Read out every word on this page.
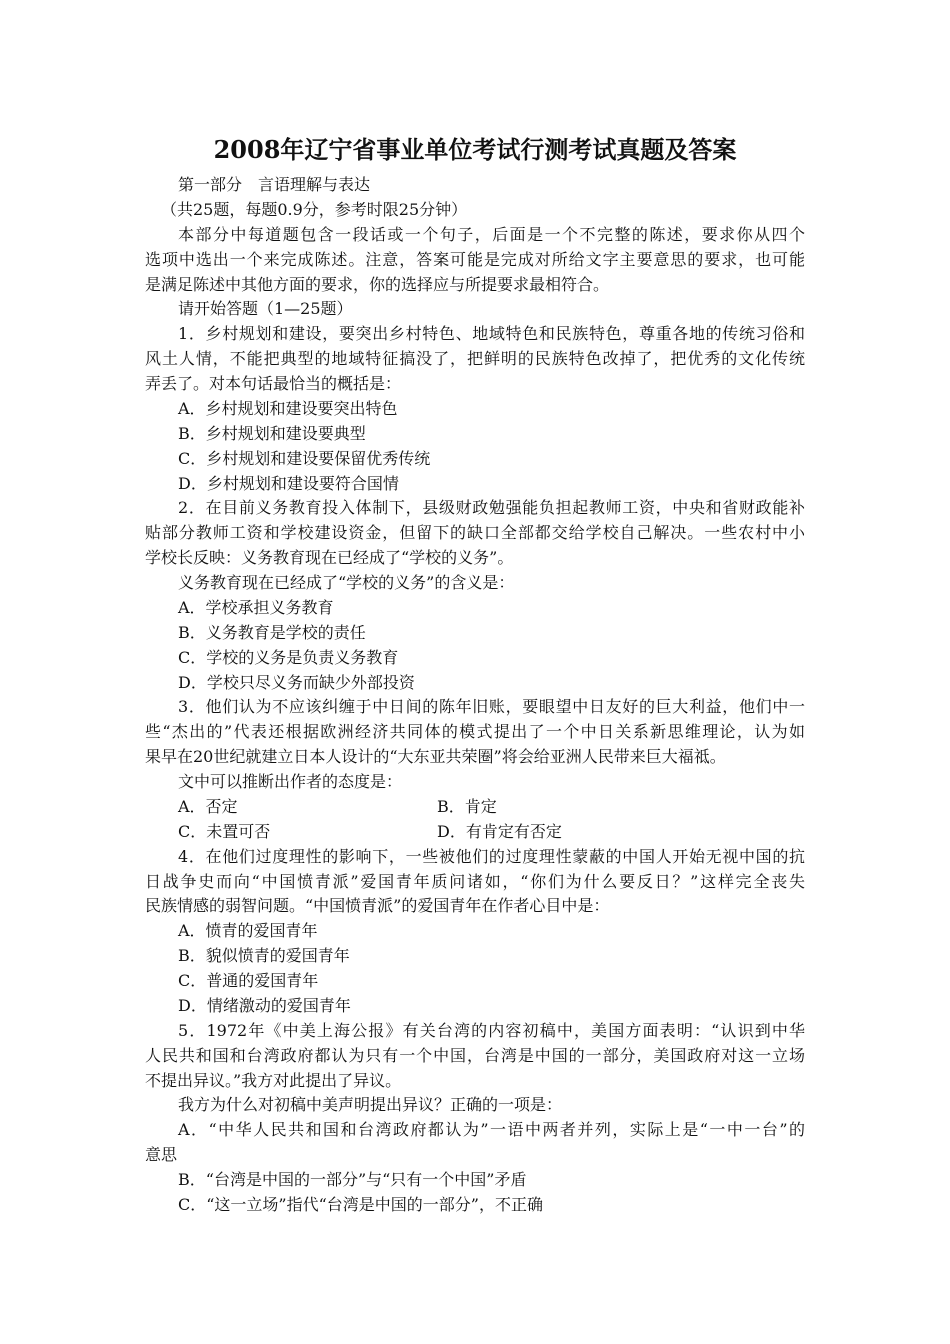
2008年辽宁省事业单位考试行测考试真题及答案
第一部分　言语理解与表达
（共25题，每题0.9分，参考时限25分钟）
本部分中每道题包含一段话或一个句子，后面是一个不完整的陈述，要求你从四个
选项中选出一个来完成陈述。注意，答案可能是完成对所给文字主要意思的要求，也可能
是满足陈述中其他方面的要求，你的选择应与所提要求最相符合。
请开始答题（1—25题）
1．乡村规划和建设，要突出乡村特色、地域特色和民族特色，尊重各地的传统习俗和
风土人情，不能把典型的地域特征搞没了，把鲜明的民族特色改掉了，把优秀的文化传统
弄丢了。对本句话最恰当的概括是：
A．乡村规划和建设要突出特色
B．乡村规划和建设要典型
C．乡村规划和建设要保留优秀传统
D．乡村规划和建设要符合国情
2．在目前义务教育投入体制下，县级财政勉强能负担起教师工资，中央和省财政能补
贴部分教师工资和学校建设资金，但留下的缺口全部都交给学校自己解决。一些农村中小
学校长反映：义务教育现在已经成了“学校的义务”。
义务教育现在已经成了“学校的义务”的含义是：
A．学校承担义务教育
B．义务教育是学校的责任
C．学校的义务是负责义务教育
D．学校只尽义务而缺少外部投资
3．他们认为不应该纠缠于中日间的陈年旧账，要眼望中日友好的巨大利益，他们中一
些“杰出的”代表还根据欧洲经济共同体的模式提出了一个中日关系新思维理论，认为如
果早在20世纪就建立日本人设计的“大东亚共荣圈”将会给亚洲人民带来巨大福祗。
文中可以推断出作者的态度是：
A．否定	B．肯定
C．未置可否	D．有肯定有否定
4．在他们过度理性的影响下，一些被他们的过度理性蒙蔽的中国人开始无视中国的抗
日战争史而向“中国愤青派”爱国青年质问诸如，“你们为什么要反日？”这样完全丧失
民族情感的弱智问题。“中国愤青派”的爱国青年在作者心目中是：
A．愤青的爱国青年
B．貌似愤青的爱国青年
C．普通的爱国青年
D．情绪激动的爱国青年
5．1972年《中美上海公报》有关台湾的内容初稿中，美国方面表明：“认识到中华
人民共和国和台湾政府都认为只有一个中国，台湾是中国的一部分，美国政府对这一立场
不提出异议。”我方对此提出了异议。
我方为什么对初稿中美声明提出异议？正确的一项是：
A．“中华人民共和国和台湾政府都认为”一语中两者并列，实际上是“一中一台”的
意思
B．“台湾是中国的一部分”与“只有一个中国”矛盾
C．“这一立场”指代“台湾是中国的一部分”，不正确
